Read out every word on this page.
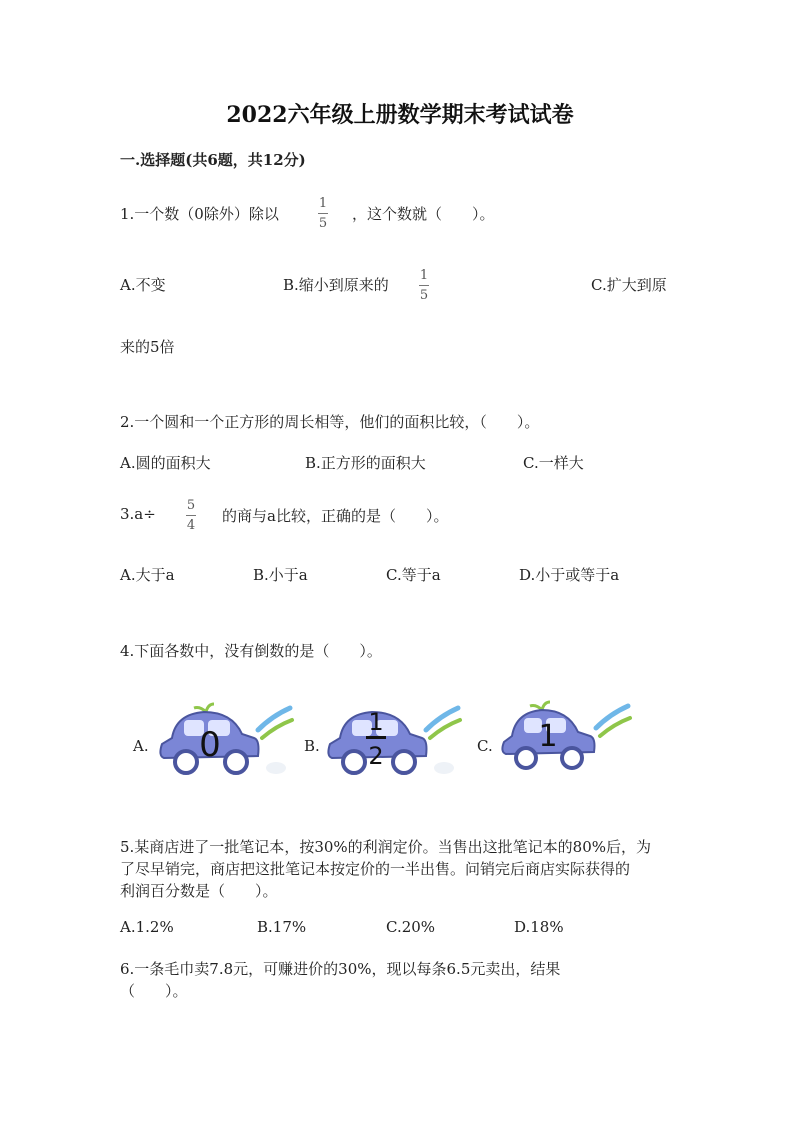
2022六年级上册数学期末考试试卷
一.选择题(共6题，共12分)
1.一个数（0除外）除以
1
5
，这个数就（　　）。
A.不变	B.缩小到原来的
1
5
C.扩大到原
来的5倍
2.一个圆和一个正方形的周长相等，他们的面积比较，（　　）。
A.圆的面积大	B.正方形的面积大	C.一样大
3.a÷ 5
4
的商与a比较，正确的是（　　）。
A.大于a	B.小于a	C.等于a	D.小于或等于a
4.下面各数中，没有倒数的是（　　）。
A. 0	B.
1
2	C. 1
5.某商店进了一批笔记本，按30%的利润定价。当售出这批笔记本的80%后，为
了尽早销完，商店把这批笔记本按定价的一半出售。问销完后商店实际获得的
利润百分数是（　　）。
A.1.2%	B.17%	C.20%	D.18%
6.一条毛巾卖7.8元，可赚进价的30%，现以每条6.5元卖出，结果
（　　）。
